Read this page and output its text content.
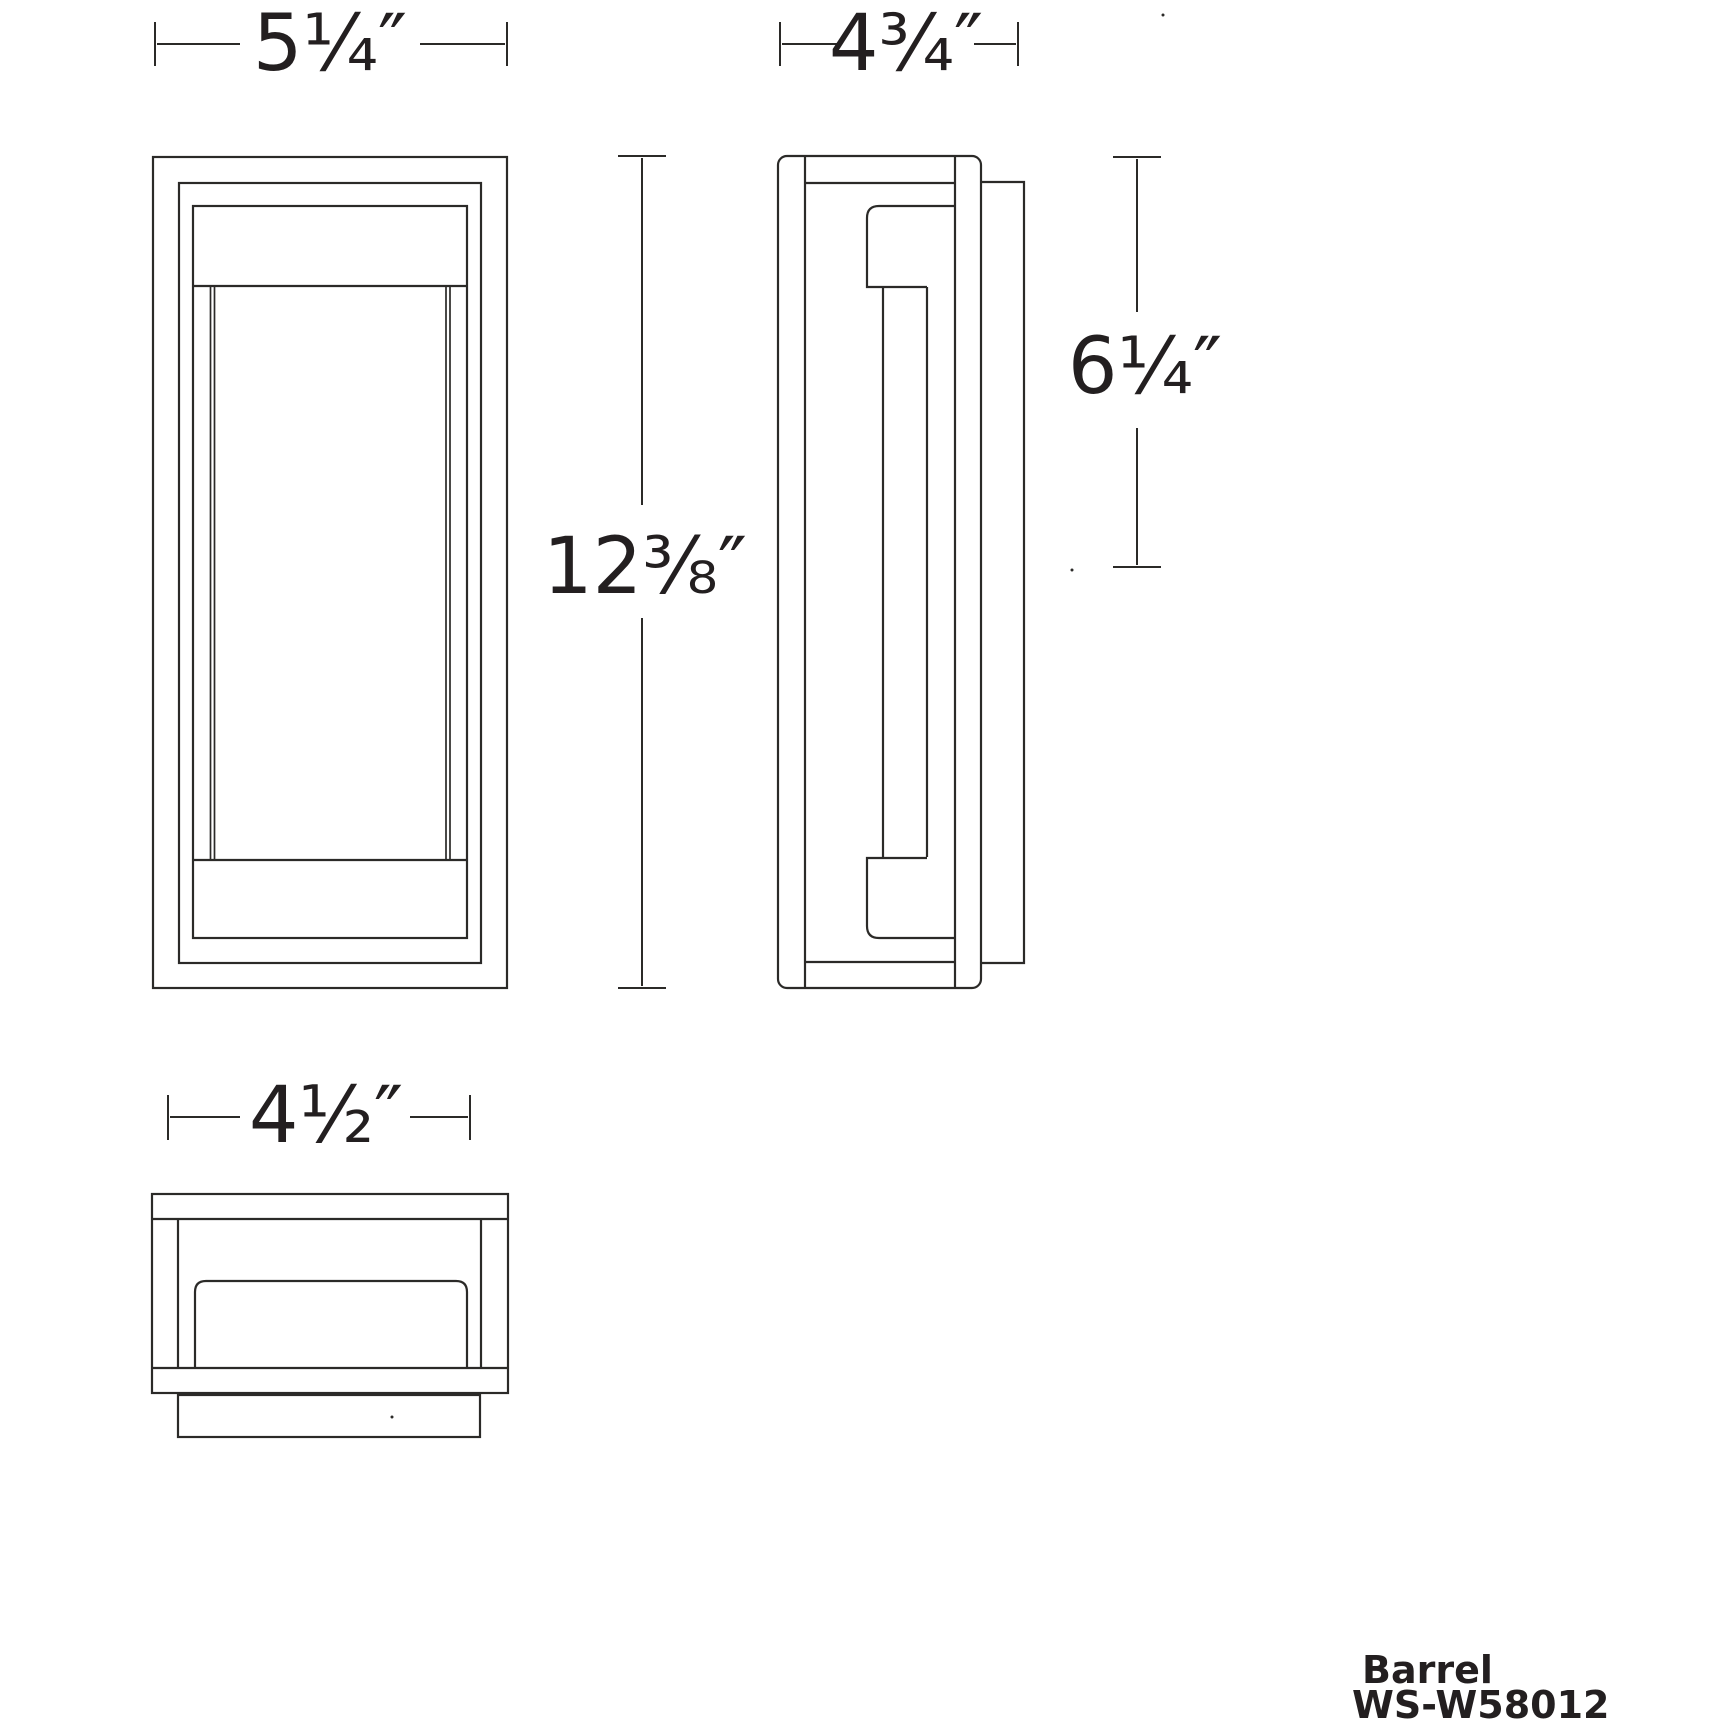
5¼″	4¾″
12⅜″
6¼″
4½″
Barrel
WS-W58012
